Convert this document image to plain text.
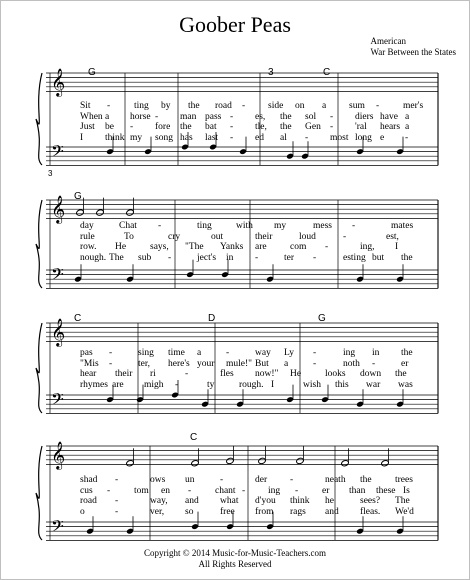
Goober Peas
American
War Between the States
𝄞
𝄢
G	3	C
𝄞
𝄢
G
𝄞
𝄢
C	D	G
𝄞
𝄢
C
3
Sit -	ting by the road - side on a sum -	mer's
When a horse - man pass - es, the sol - diers have a
Just be - fore the bat - tle, the Gen - 'ral hears a
I think my song has last - ed al - most long e -
day	Chat -	ting	with my	mess -	mates
rule	To	cry	out	their	loud	-	est,
row. He	says, "The Yanks are com -	ing, I
nough. The sub -	ject's in -	ter -	esting but the
pas -	sing time a	-	way Ly -	ing in the
"Mis -	ter, here's your mule!" But a	-	noth -	er
hear their ri	-	fles now!" He	looks down the
rhymes are migh -	ty	rough. I	wish this war was
shad -	ows un	-	der -	neath the trees
cus -	tom en -	chant - ing -	er than these Is
road -	way, and what d'you think he	sees? The
o	-	ver, so	free from rags and fleas. We'd
Copyright © 2014 Music-for-Music-Teachers.com
All Rights Reserved
